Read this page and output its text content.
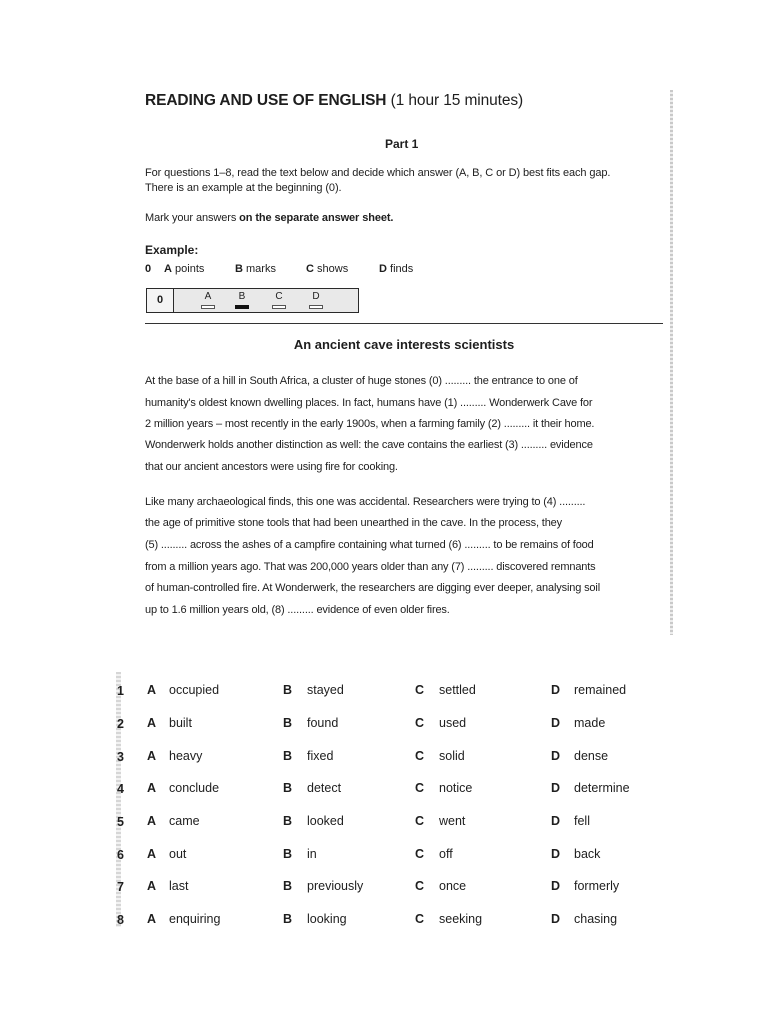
READING AND USE OF ENGLISH (1 hour 15 minutes)
Part 1
For questions 1–8, read the text below and decide which answer (A, B, C or D) best fits each gap.
There is an example at the beginning (0).
Mark your answers on the separate answer sheet.
Example:
0 A points	B marks	C shows	D finds
0	A	B	C	D
An ancient cave interests scientists
At the base of a hill in South Africa, a cluster of huge stones (0) ......... the entrance to one of
humanity's oldest known dwelling places. In fact, humans have (1) ......... Wonderwerk Cave for
2 million years – most recently in the early 1900s, when a farming family (2) ......... it their home.
Wonderwerk holds another distinction as well: the cave contains the earliest (3) ......... evidence
that our ancient ancestors were using fire for cooking.
Like many archaeological finds, this one was accidental. Researchers were trying to (4) .........
the age of primitive stone tools that had been unearthed in the cave. In the process, they
(5) ......... across the ashes of a campfire containing what turned (6) ......... to be remains of food
from a million years ago. That was 200,000 years older than any (7) ......... discovered remnants
of human-controlled fire. At Wonderwerk, the researchers are digging ever deeper, analysing soil
up to 1.6 million years old, (8) ......... evidence of even older fires.
1 A occupied	B stayed	C settled	D remained
2 A built	B found	C used	D made
3 A heavy	B fixed	C solid	D dense
4 A conclude	B detect	C notice	D determine
5 A came	B looked	C went	D fell
6 A out	B in	C off	D back
7 A last	B previously	C once	D formerly
8 A enquiring	B looking	C seeking	D chasing
